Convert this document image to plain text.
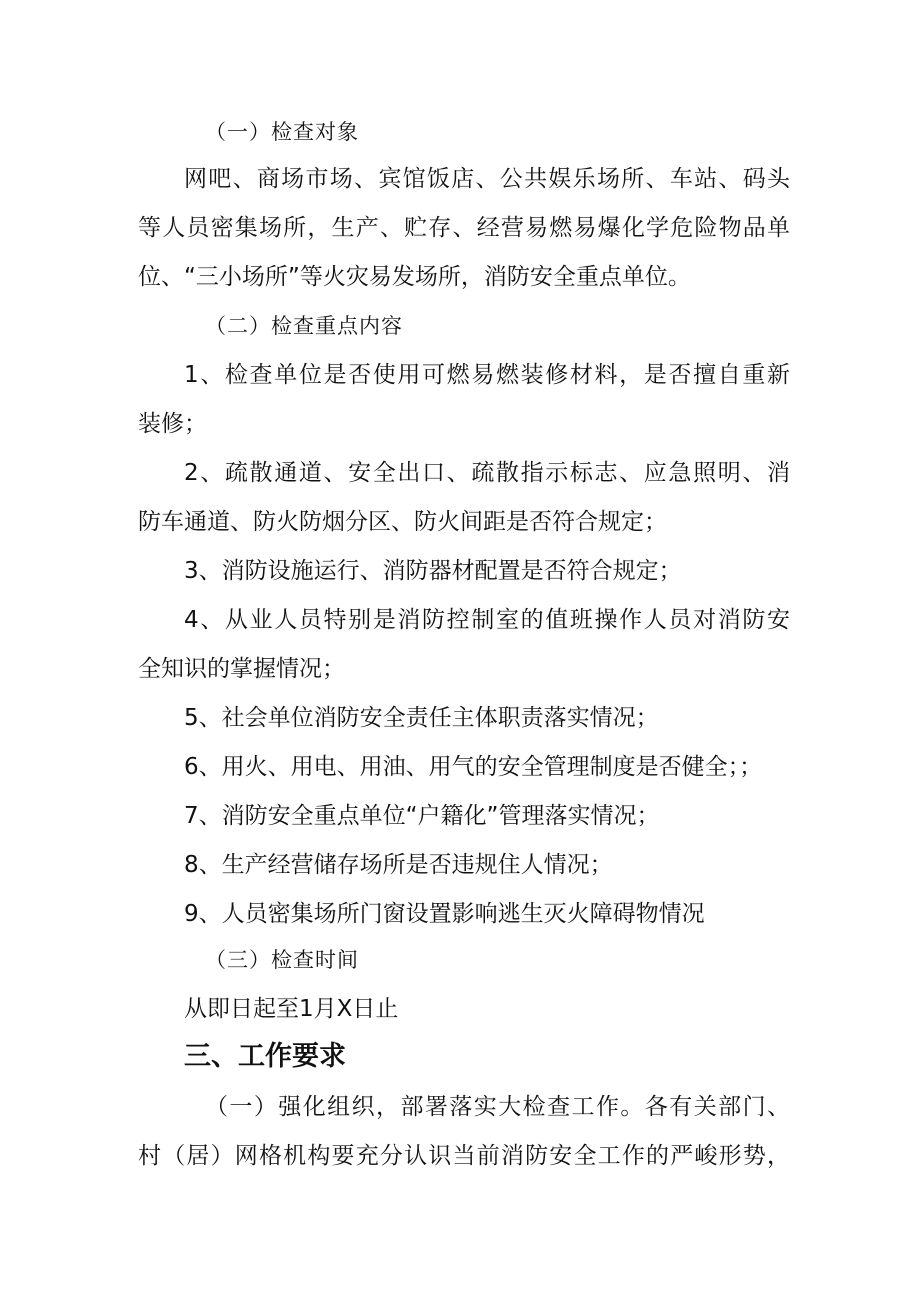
（一）检查对象

网吧、商场市场、宾馆饭店、公共娱乐场所、车站、码头

等人员密集场所，生产、贮存、经营易燃易爆化学危险物品单

位、“三小场所”等火灾易发场所，消防安全重点单位。

（二）检查重点内容

1、检查单位是否使用可燃易燃装修材料，是否擅自重新

装修；

2、疏散通道、安全出口、疏散指示标志、应急照明、消

防车通道、防火防烟分区、防火间距是否符合规定；

3、消防设施运行、消防器材配置是否符合规定；

4、从业人员特别是消防控制室的值班操作人员对消防安

全知识的掌握情况；

5、社会单位消防安全责任主体职责落实情况；

6、用火、用电、用油、用气的安全管理制度是否健全；；

7、消防安全重点单位“户籍化”管理落实情况；

8、生产经营储存场所是否违规住人情况；

9、人员密集场所门窗设置影响逃生灭火障碍物情况

（三）检查时间

从即日起至1月X日止

三、工作要求

（一）强化组织，部署落实大检查工作。各有关部门、

村（居）网格机构要充分认识当前消防安全工作的严峻形势，
